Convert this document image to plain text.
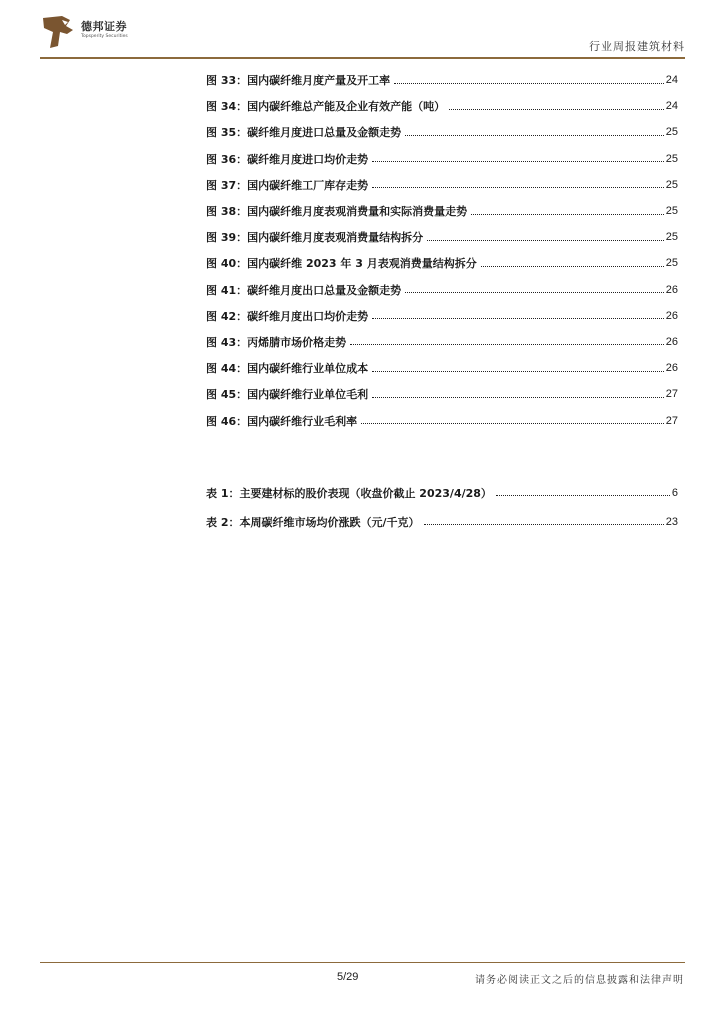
德邦证券
Topsperity Securities
行业周报建筑材料
图 33：国内碳纤维月度产量及开工率	24
图 34：国内碳纤维总产能及企业有效产能（吨）	24
图 35：碳纤维月度进口总量及金额走势	25
图 36：碳纤维月度进口均价走势	25
图 37：国内碳纤维工厂库存走势	25
图 38：国内碳纤维月度表观消费量和实际消费量走势	25
图 39：国内碳纤维月度表观消费量结构拆分	25
图 40：国内碳纤维 2023 年 3 月表观消费量结构拆分	25
图 41：碳纤维月度出口总量及金额走势	26
图 42：碳纤维月度出口均价走势	26
图 43：丙烯腈市场价格走势	26
图 44：国内碳纤维行业单位成本	26
图 45：国内碳纤维行业单位毛利	27
图 46：国内碳纤维行业毛利率	27
表 1：主要建材标的股价表现（收盘价截止 2023/4/28）	6
表 2：本周碳纤维市场均价涨跌（元/千克）	23
5/29	请务必阅读正文之后的信息披露和法律声明
